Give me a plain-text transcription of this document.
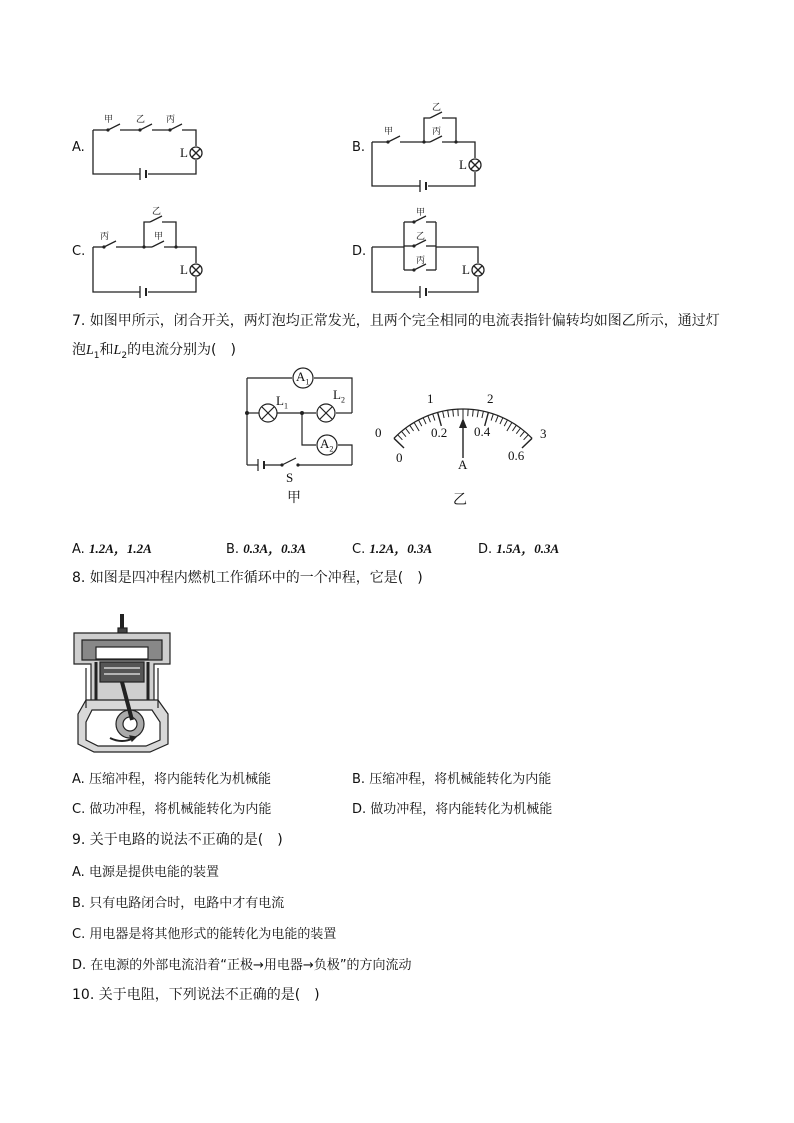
A.
甲	乙 丙
L	B.
甲
乙
丙
L
C.
丙
乙
甲
L
D.
甲
乙
丙
L
7. 如图甲所示，闭合开关，两灯泡均正常发光，且两个完全相同的电流表指针偏转均如图乙所示，通过灯
泡$L_1$和$L_2$的电流分别为(　)
$A_1$
$A_2$
$L_1$
$L_2$
S
甲
0
1	2
3
0
0.2 0.4
0.6
A
乙
A. 1.2A，1.2A	B. 0.3A，0.3A	C. 1.2A，0.3A	D. 1.5A，0.3A
8. 如图是四冲程内燃机工作循环中的一个冲程，它是(　)
A. 压缩冲程，将内能转化为机械能	B. 压缩冲程，将机械能转化为内能
C. 做功冲程，将机械能转化为内能	D. 做功冲程，将内能转化为机械能
9. 关于电路的说法不正确的是(　)
A. 电源是提供电能的装置
B. 只有电路闭合时，电路中才有电流
C. 用电器是将其他形式的能转化为电能的装置
D. 在电源的外部电流沿着“正极→用电器→负极”的方向流动
10. 关于电阻，下列说法不正确的是(　)
